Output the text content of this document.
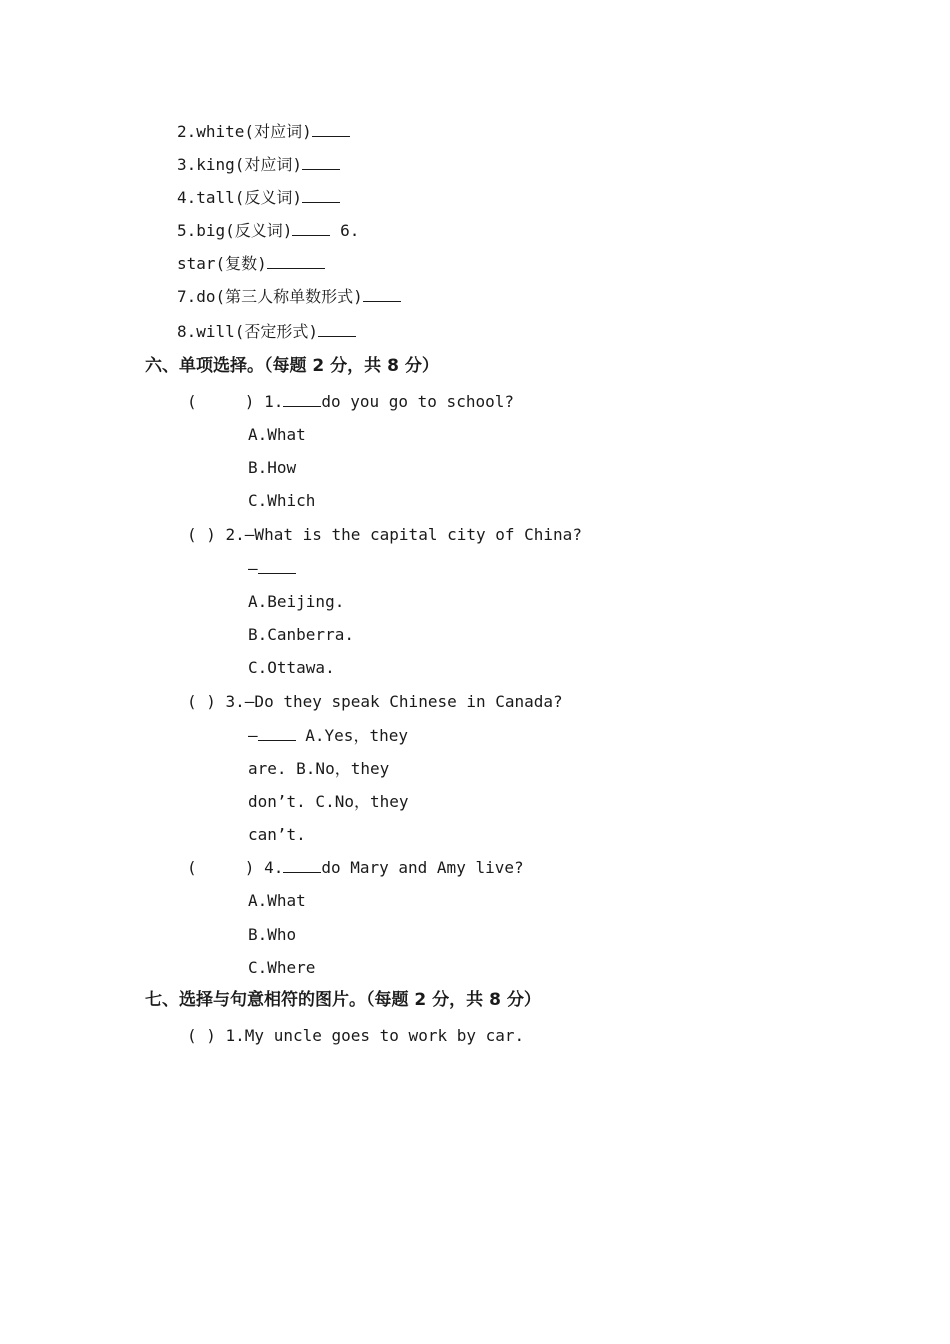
2.white(对应词)
3.king(对应词)
4.tall(反义词)
5.big(反义词) 6.
star(复数)
7.do(第三人称单数形式)
8.will(否定形式)
六、单项选择。（每题 2 分，共 8 分）
(     ) 1. do you go to school?
A.What
B.How
C.Which
( ) 2.—What is the capital city of China?
—
A.Beijing.
B.Canberra.
C.Ottawa.
( ) 3.—Do they speak Chinese in Canada?
— A.Yes，they
are. B.No，they
don’t. C.No，they
can’t.
(     ) 4. do Mary and Amy live?
A.What
B.Who
C.Where
七、选择与句意相符的图片。（每题 2 分，共 8 分）
( ) 1.My uncle goes to work by car.
